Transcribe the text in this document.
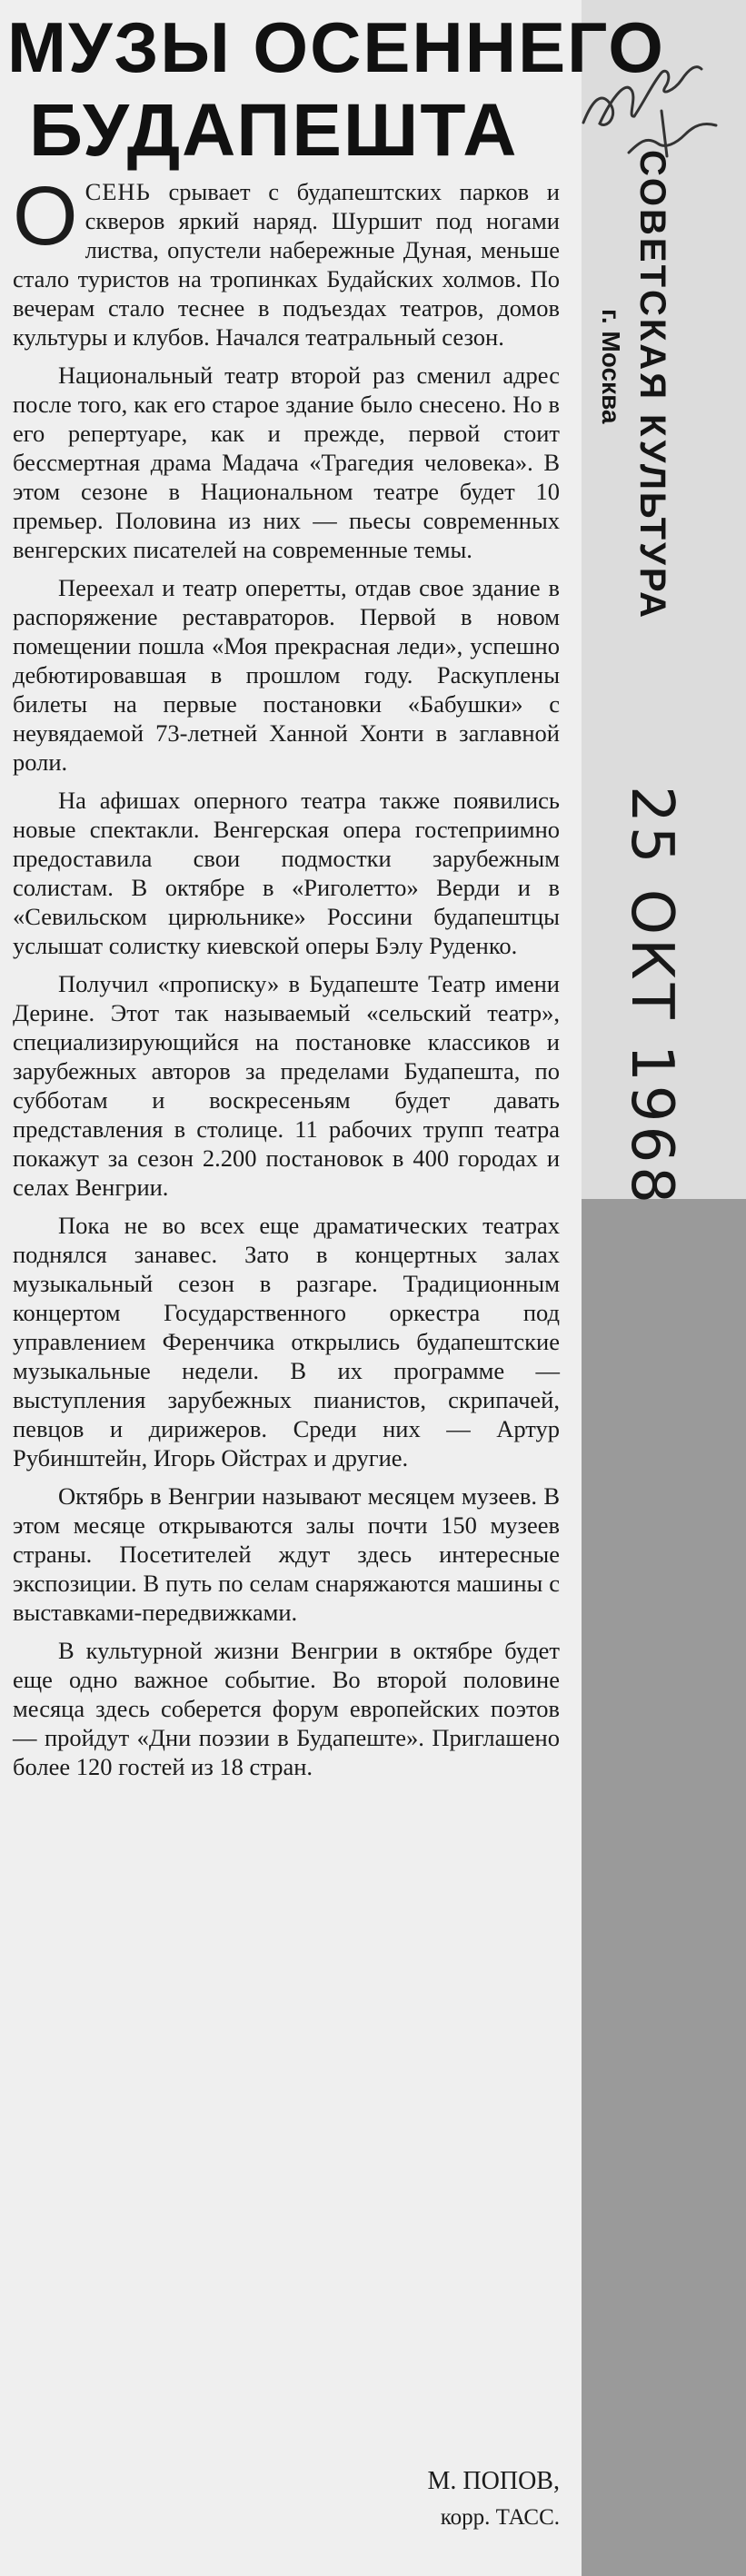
МУЗЫ ОСЕННЕГО
БУДАПЕШТА

ОСЕНЬ срывает с будапештских парков и скверов яркий наряд. Шуршит под ногами листва, опустели набережные Дуная, меньше стало туристов на тропинках Будайских холмов. По вечерам стало теснее в подъездах театров, домов культуры и клубов. Начался театральный сезон.

Национальный театр второй раз сменил адрес после того, как его старое здание было снесено. Но в его репертуаре, как и прежде, первой стоит бессмертная драма Мадача «Трагедия человека». В этом сезоне в Национальном театре будет 10 премьер. Половина из них — пьесы современных венгерских писателей на современные темы.

Переехал и театр оперетты, отдав свое здание в распоряжение реставраторов. Первой в новом помещении пошла «Моя прекрасная леди», успешно дебютировавшая в прошлом году. Раскуплены билеты на первые постановки «Бабушки» с неувядаемой 73-летней Ханной Хонти в заглавной роли.

На афишах оперного театра также появились новые спектакли. Венгерская опера гостеприимно предоставила свои подмостки зарубежным солистам. В октябре в «Риголетто» Верди и в «Севильском цирюльнике» Россини будапештцы услышат солистку киевской оперы Бэлу Руденко.

Получил «прописку» в Будапеште Театр имени Дерине. Этот так называемый «сельский театр», специализирующийся на постановке классиков и зарубежных авторов за пределами Будапешта, по субботам и воскресеньям будет давать представления в столице. 11 рабочих трупп театра покажут за сезон 2.200 постановок в 400 городах и селах Венгрии.

Пока не во всех еще драматических театрах поднялся занавес. Зато в концертных залах музыкальный сезон в разгаре. Традиционным концертом Государственного оркестра под управлением Ференчика открылись будапештские музыкальные недели. В их программе — выступления зарубежных пианистов, скрипачей, певцов и дирижеров. Среди них — Артур Рубинштейн, Игорь Ойстрах и другие.

Октябрь в Венгрии называют месяцем музеев. В этом месяце открываются залы почти 150 музеев страны. Посетителей ждут здесь интересные экспозиции. В путь по селам снаряжаются машины с выставками-передвижками.

В культурной жизни Венгрии в октябре будет еще одно важное событие. Во второй половине месяца здесь соберется форум европейских поэтов — пройдут «Дни поэзии в Будапеште». Приглашено более 120 гостей из 18 стран.

М. ПОПОВ,
корр. ТАСС.
СОВЕТСКАЯ КУЛЬТУРА
г. Москва
25 ОКТ 1968
